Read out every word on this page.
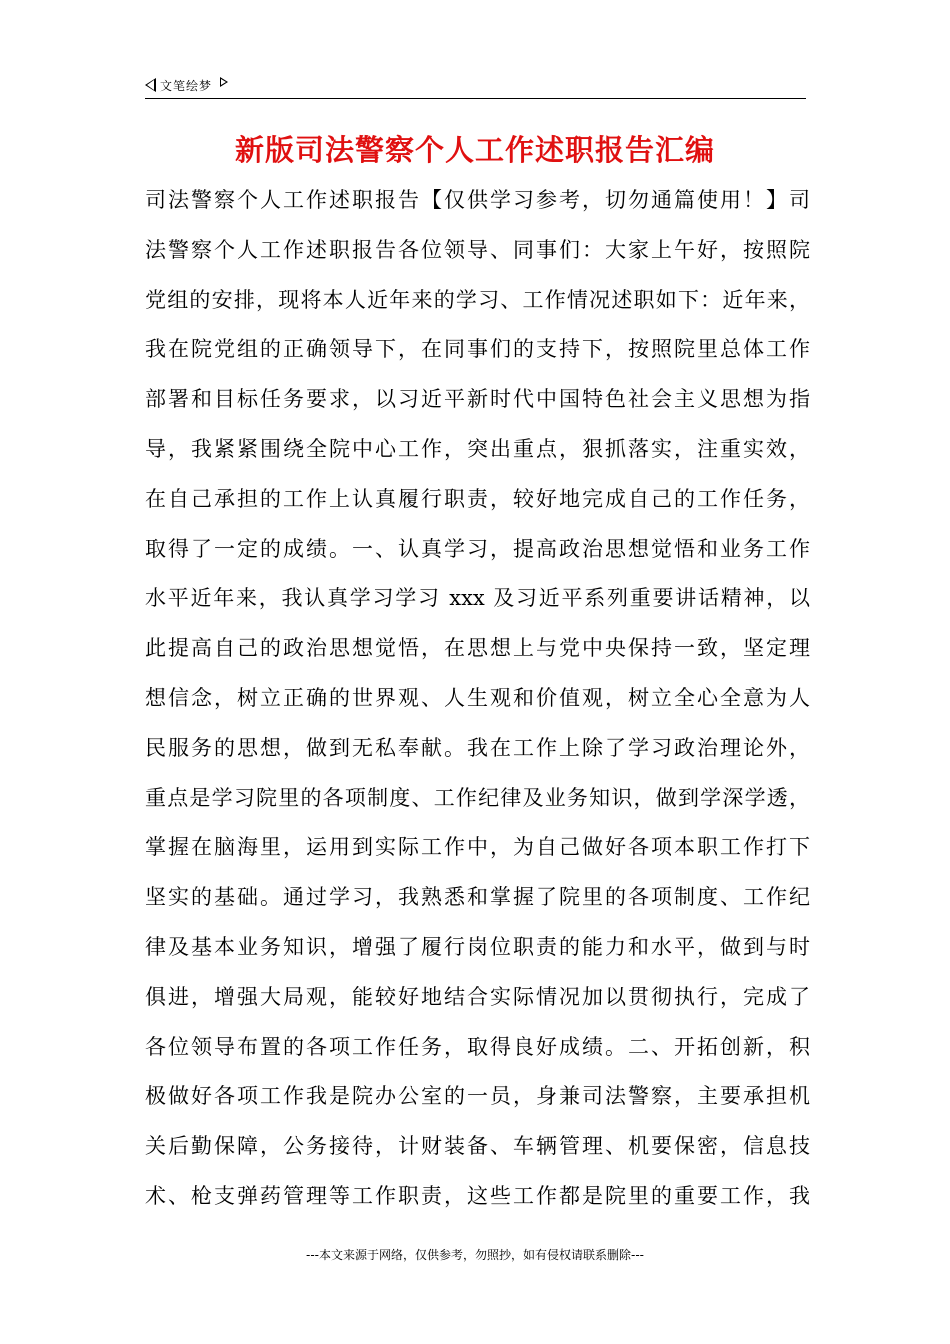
文笔绘梦
新版司法警察个人工作述职报告汇编
司法警察个人工作述职报告【仅供学习参考，切勿通篇使用！】司
法警察个人工作述职报告各位领导、同事们：大家上午好，按照院
党组的安排，现将本人近年来的学习、工作情况述职如下：近年来，
我在院党组的正确领导下，在同事们的支持下，按照院里总体工作
部署和目标任务要求，以习近平新时代中国特色社会主义思想为指
导，我紧紧围绕全院中心工作，突出重点，狠抓落实，注重实效，
在自己承担的工作上认真履行职责，较好地完成自己的工作任务，
取得了一定的成绩。一、认真学习，提高政治思想觉悟和业务工作
水平近年来，我认真学习学习 xxx 及习近平系列重要讲话精神，以
此提高自己的政治思想觉悟，在思想上与党中央保持一致，坚定理
想信念，树立正确的世界观、人生观和价值观，树立全心全意为人
民服务的思想，做到无私奉献。我在工作上除了学习政治理论外，
重点是学习院里的各项制度、工作纪律及业务知识，做到学深学透，
掌握在脑海里，运用到实际工作中，为自己做好各项本职工作打下
坚实的基础。通过学习，我熟悉和掌握了院里的各项制度、工作纪
律及基本业务知识，增强了履行岗位职责的能力和水平，做到与时
俱进，增强大局观，能较好地结合实际情况加以贯彻执行，完成了
各位领导布置的各项工作任务，取得良好成绩。二、开拓创新，积
极做好各项工作我是院办公室的一员，身兼司法警察，主要承担机
关后勤保障，公务接待，计财装备、车辆管理、机要保密，信息技
术、枪支弹药管理等工作职责，这些工作都是院里的重要工作，我
---本文来源于网络，仅供参考，勿照抄，如有侵权请联系删除---
